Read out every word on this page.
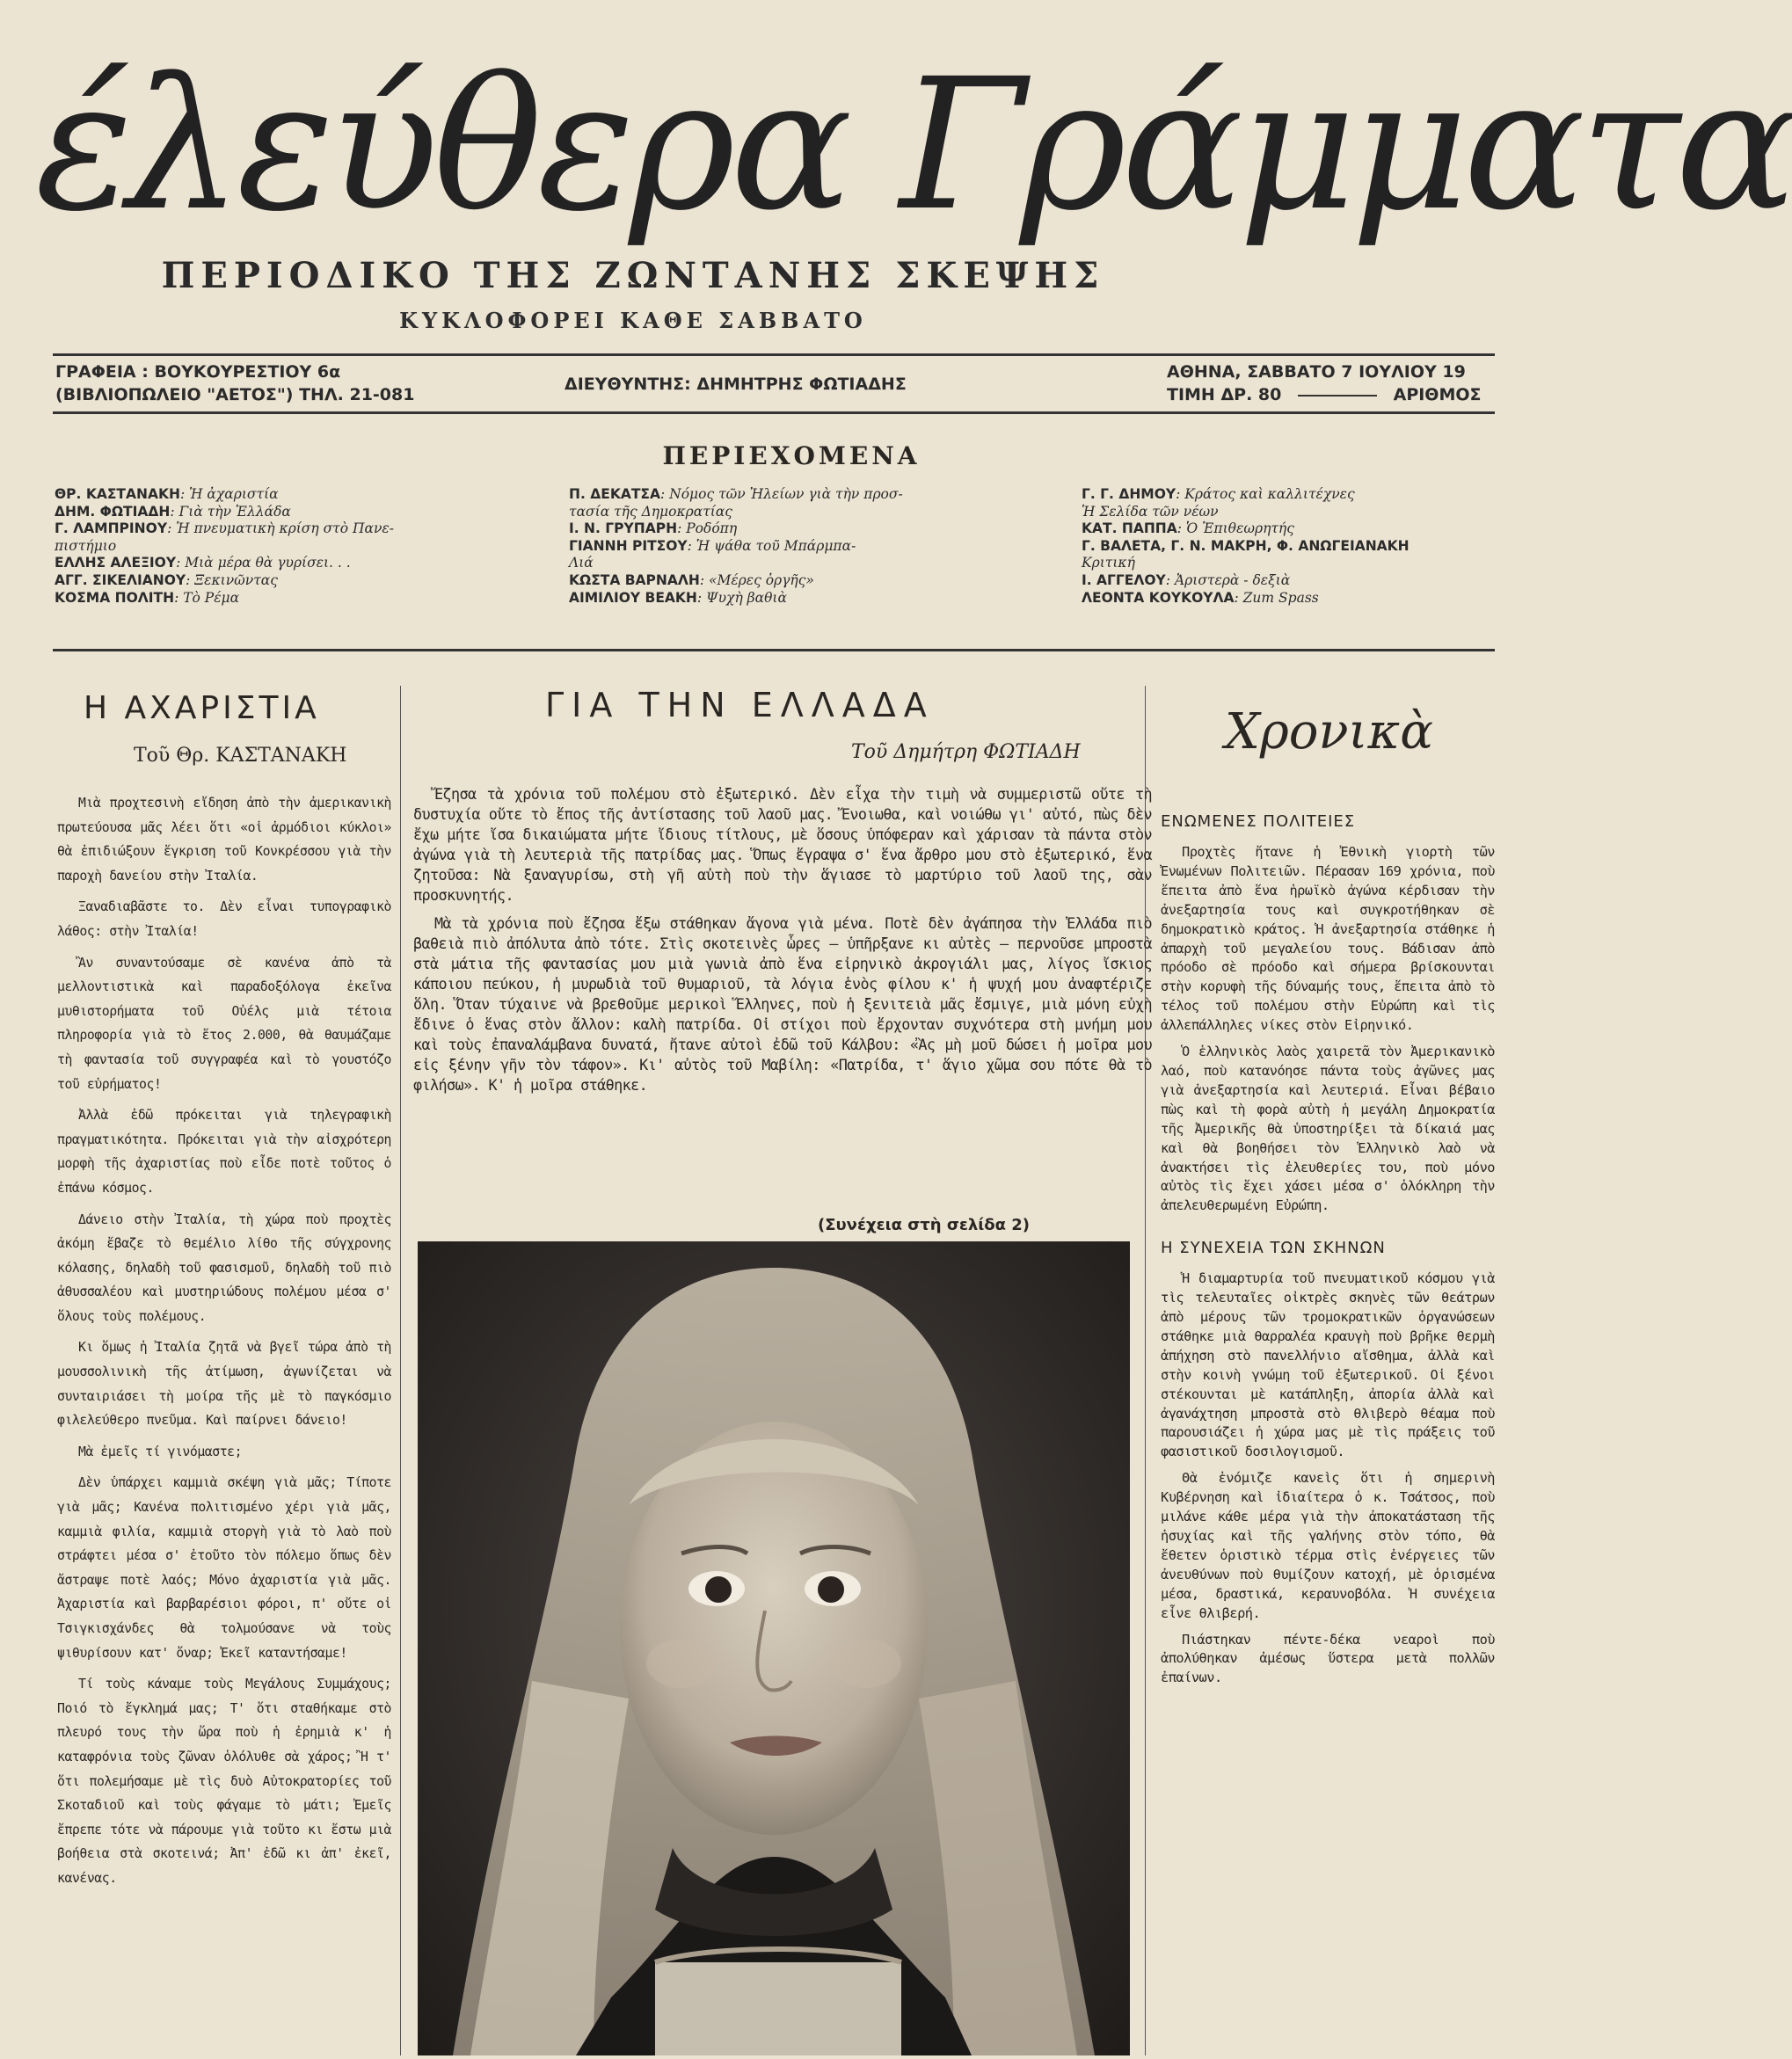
έλεύθερα Γράμματα
ΠΕΡΙΟΔΙΚΟ ΤΗΣ ΖΩΝΤΑΝΗΣ ΣΚΕΨΗΣ
ΚΥΚΛΟΦΟΡΕΙ ΚΑΘΕ ΣΑΒΒΑΤΟ
ΓΡΑΦΕΙΑ : ΒΟΥΚΟΥΡΕΣΤΙΟΥ 6α
(ΒΙΒΛΙΟΠΩΛΕΙΟ "ΑΕΤΟΣ") ΤΗΛ. 21-081
ΔΙΕΥΘΥΝΤΗΣ: ΔΗΜΗΤΡΗΣ ΦΩΤΙΑΔΗΣ
ΑΘΗΝΑ, ΣΑΒΒΑΤΟ 7 ΙΟΥΛΙΟΥ 19
ΤΙΜΗ ΔΡ. 80	ΑΡΙΘΜΟΣ
ΠΕΡΙΕΧΟΜΕΝΑ
ΘΡ. ΚΑΣΤΑΝΑΚΗ: Ἡ ἀχαριστία
ΔΗΜ. ΦΩΤΙΑΔΗ: Γιὰ τὴν Ἑλλάδα
Γ. ΛΑΜΠΡΙΝΟΥ: Ἡ πνευματικὴ κρίση στὸ Πανε-
πιστήμιο
ΕΛΛΗΣ ΑΛΕΞΙΟΥ: Μιὰ μέρα θὰ γυρίσει. . .
ΑΓΓ. ΣΙΚΕΛΙΑΝΟΥ: Ξεκινῶντας
ΚΟΣΜΑ ΠΟΛΙΤΗ: Τὸ Ρέμα
Π. ΔΕΚΑΤΣΑ: Νόμος τῶν Ἠλείων γιὰ τὴν προσ-
τασία τῆς Δημοκρατίας
Ι. Ν. ΓΡΥΠΑΡΗ: Ροδόπη
ΓΙΑΝΝΗ ΡΙΤΣΟΥ: Ἡ ψάθα τοῦ Μπάρμπα-
Λιά
ΚΩΣΤΑ ΒΑΡΝΑΛΗ: «Μέρες ὀργῆς»
ΑΙΜΙΛΙΟΥ ΒΕΑΚΗ: Ψυχὴ βαθιὰ
Γ. Γ. ΔΗΜΟΥ: Κράτος καὶ καλλιτέχνες
Ἡ Σελίδα τῶν νέων
ΚΑΤ. ΠΑΠΠΑ: Ὁ Ἐπιθεωρητής
Γ. ΒΑΛΕΤΑ, Γ. Ν. ΜΑΚΡΗ, Φ. ΑΝΩΓΕΙΑΝΑΚΗ
Κριτική
Ι. ΑΓΓΕΛΟΥ: Ἀριστερὰ - δεξιὰ
ΛΕΟΝΤΑ ΚΟΥΚΟΥΛΑ: Zum Spass
Η ΑΧΑΡΙΣΤΙΑ
Τοῦ Θρ. ΚΑΣΤΑΝΑΚΗ

Μιὰ προχτεσινὴ εἴδηση ἀπὸ τὴν ἀμερικανικὴ πρωτεύουσα μᾶς λέει ὅτι «οἱ ἁρμόδιοι κύκλοι» θὰ ἐπιδιώξουν ἔγκριση τοῦ Κονκρέσσου γιὰ τὴν παροχὴ δανείου στὴν Ἰταλία.

Ξαναδιαβᾶστε το. Δὲν εἶναι τυπογραφικὸ λάθος: στὴν Ἰταλία!

Ἂν συναντούσαμε σὲ κανένα ἀπὸ τὰ μελλοντιστικὰ καὶ παραδοξόλογα ἐκεῖνα μυθιστορήματα τοῦ Οὐέλς μιὰ τέτοια πληροφορία γιὰ τὸ ἔτος 2.000, θὰ θαυμάζαμε τὴ φαντασία τοῦ συγγραφέα καὶ τὸ γουστόζο τοῦ εὑρήματος!

Ἀλλὰ ἐδῶ πρόκειται γιὰ τηλεγραφικὴ πραγματικότητα. Πρόκειται γιὰ τὴν αἰσχρότερη μορφὴ τῆς ἀχαριστίας ποὺ εἶδε ποτὲ τοῦτος ὁ ἐπάνω κόσμος.

Δάνειο στὴν Ἰταλία, τὴ χώρα ποὺ προχτὲς ἀκόμη ἔβαζε τὸ θεμέλιο λίθο τῆς σύγχρονης κόλασης, δηλαδὴ τοῦ φασισμοῦ, δηλαδὴ τοῦ πιὸ ἀθυσσαλέου καὶ μυστηριώδους πολέμου μέσα σ' ὅλους τοὺς πολέμους.

Κι ὅμως ἡ Ἰταλία ζητᾶ νὰ βγεῖ τώρα ἀπὸ τὴ μουσσολινικὴ τῆς ἀτίμωση, ἀγωνίζεται νὰ συνταιριάσει τὴ μοίρα τῆς μὲ τὸ παγκόσμιο φιλελεύθερο πνεῦμα. Καὶ παίρνει δάνειο!

Μὰ ἐμεῖς τί γινόμαστε;

Δὲν ὑπάρχει καμμιὰ σκέψη γιὰ μᾶς; Τίποτε γιὰ μᾶς; Κανένα πολιτισμένο χέρι γιὰ μᾶς, καμμιὰ φιλία, καμμιὰ στοργὴ γιὰ τὸ λαὸ ποὺ στράφτει μέσα σ' ἐτοῦτο τὸν πόλεμο ὅπως δὲν ἄστραψε ποτὲ λαός; Μόνο ἀχαριστία γιὰ μᾶς. Ἀχαριστία καὶ βαρβαρέσιοι φόροι, π' οὔτε οἱ Τσιγκισχάνδες θὰ τολμούσανε νὰ τοὺς ψιθυρίσουν κατ' ὄναρ; Ἐκεῖ καταντήσαμε!

Τί τοὺς κάναμε τοὺς Μεγάλους Συμμάχους; Ποιό τὸ ἔγκλημά μας; Τ' ὅτι σταθήκαμε στὸ πλευρό τους τὴν ὥρα ποὺ ἡ ἐρημιὰ κ' ἡ καταφρόνια τοὺς ζῶναν ὁλόλυθε σὰ χάρος; Ἢ τ' ὅτι πολεμήσαμε μὲ τὶς δυὸ Αὐτοκρατορίες τοῦ Σκοταδιοῦ καὶ τοὺς φάγαμε τὸ μάτι; Ἐμεῖς ἔπρεπε τότε νὰ πάρουμε γιὰ τοῦτο κι ἔστω μιὰ βοήθεια στὰ σκοτεινά; Ἀπ' ἐδῶ κι ἀπ' ἐκεῖ, κανένας.

ΓΙΑ ΤΗΝ ΕΛΛΑΔΑ
Τοῦ Δημήτρη ΦΩΤΙΑΔΗ

Ἔζησα τὰ χρόνια τοῦ πολέμου στὸ ἐξωτερικό. Δὲν εἶχα τὴν τιμὴ νὰ συμμεριστῶ οὔτε τὴ δυστυχία οὔτε τὸ ἔπος τῆς ἀντίστασης τοῦ λαοῦ μας. Ἔνοιωθα, καὶ νοιώθω γι' αὐτό, πὼς δὲν ἔχω μήτε ἴσα δικαιώματα μήτε ἴδιους τίτλους, μὲ ὅσους ὑπόφεραν καὶ χάρισαν τὰ πάντα στὸν ἀγώνα γιὰ τὴ λευτεριὰ τῆς πατρίδας μας. Ὅπως ἔγραψα σ' ἕνα ἄρθρο μου στὸ ἐξωτερικό, ἕνα ζητοῦσα: Νὰ ξαναγυρίσω, στὴ γῆ αὐτὴ ποὺ τὴν ἅγιασε τὸ μαρτύριο τοῦ λαοῦ της, σὰν προσκυνητής.

Μὰ τὰ χρόνια ποὺ ἔζησα ἔξω στάθηκαν ἄγονα γιὰ μένα. Ποτὲ δὲν ἀγάπησα τὴν Ἑλλάδα πιὸ βαθειὰ πιὸ ἀπόλυτα ἀπὸ τότε. Στὶς σκοτεινὲς ὧρες — ὑπῆρξανε κι αὐτὲς — περνοῦσε μπροστὰ στὰ μάτια τῆς φαντασίας μου μιὰ γωνιὰ ἀπὸ ἕνα εἰρηνικὸ ἀκρογιάλι μας, λίγος ἴσκιος κάποιου πεύκου, ἡ μυρωδιὰ τοῦ θυμαριοῦ, τὰ λόγια ἑνὸς φίλου κ' ἡ ψυχή μου ἀναφτέριζε ὅλη. Ὅταν τύχαινε νὰ βρεθοῦμε μερικοὶ Ἕλληνες, ποὺ ἡ ξενιτειὰ μᾶς ἔσμιγε, μιὰ μόνη εὐχὴ ἔδινε ὁ ἕνας στὸν ἄλλον: καλὴ πατρίδα. Οἱ στίχοι ποὺ ἔρχονταν συχνότερα στὴ μνήμη μου καὶ τοὺς ἐπαναλάμβανα δυνατά, ἤτανε αὐτοὶ ἐδῶ τοῦ Κάλβου: «Ἂς μὴ μοῦ δώσει ἡ μοῖρα μου εἰς ξένην γῆν τὸν τάφον». Κι' αὐτὸς τοῦ Μαβίλη: «Πατρίδα, τ' ἅγιο χῶμα σου πότε θὰ τὸ φιλήσω». Κ' ἡ μοῖρα στάθηκε.

(Συνέχεια στὴ σελίδα 2)
Χρονικὰ
ΕΝΩΜΕΝΕΣ ΠΟΛΙΤΕΙΕΣ

Προχτὲς ἤτανε ἡ Ἐθνικὴ γιορτὴ τῶν Ἐνωμένων Πολιτειῶν. Πέρασαν 169 χρόνια, ποὺ ἔπειτα ἀπὸ ἕνα ἡρωϊκὸ ἀγώνα κέρδισαν τὴν ἀνεξαρτησία τους καὶ συγκροτήθηκαν σὲ δημοκρατικὸ κράτος. Ἡ ἀνεξαρτησία στάθηκε ἡ ἀπαρχὴ τοῦ μεγαλείου τους. Βάδισαν ἀπὸ πρόοδο σὲ πρόοδο καὶ σήμερα βρίσκουνται στὴν κορυφὴ τῆς δύναμής τους, ἔπειτα ἀπὸ τὸ τέλος τοῦ πολέμου στὴν Εὐρώπη καὶ τὶς ἀλλεπάλληλες νίκες στὸν Εἰρηνικό.

Ὁ ἑλληνικὸς λαὸς χαιρετᾶ τὸν Ἀμερικανικὸ λαό, ποὺ κατανόησε πάντα τοὺς ἀγῶνες μας γιὰ ἀνεξαρτησία καὶ λευτεριά. Εἶναι βέβαιο πὼς καὶ τὴ φορὰ αὐτὴ ἡ μεγάλη Δημοκρατία τῆς Ἀμερικῆς θὰ ὑποστηρίξει τὰ δίκαιά μας καὶ θὰ βοηθήσει τὸν Ἑλληνικὸ λαὸ νὰ ἀνακτήσει τὶς ἐλευθερίες του, ποὺ μόνο αὐτὸς τὶς ἔχει χάσει μέσα σ' ὁλόκληρη τὴν ἀπελευθερωμένη Εὐρώπη.

Η ΣΥΝΕΧΕΙΑ ΤΩΝ ΣΚΗΝΩΝ

Ἡ διαμαρτυρία τοῦ πνευματικοῦ κόσμου γιὰ τὶς τελευταῖες οἰκτρὲς σκηνὲς τῶν θεάτρων ἀπὸ μέρους τῶν τρομοκρατικῶν ὀργανώσεων στάθηκε μιὰ θαρραλέα κραυγὴ ποὺ βρῆκε θερμὴ ἀπήχηση στὸ πανελλήνιο αἴσθημα, ἀλλὰ καὶ στὴν κοινὴ γνώμη τοῦ ἐξωτερικοῦ. Οἱ ξένοι στέκουνται μὲ κατάπληξη, ἀπορία ἀλλὰ καὶ ἀγανάχτηση μπροστὰ στὸ θλιβερὸ θέαμα ποὺ παρουσιάζει ἡ χώρα μας μὲ τὶς πράξεις τοῦ φασιστικοῦ δοσιλογισμοῦ.

Θὰ ἐνόμιζε κανεὶς ὅτι ἡ σημερινὴ Κυβέρνηση καὶ ἰδιαίτερα ὁ κ. Τσάτσος, ποὺ μιλάνε κάθε μέρα γιὰ τὴν ἀποκατάσταση τῆς ἡσυχίας καὶ τῆς γαλήνης στὸν τόπο, θὰ ἔθετεν ὁριστικὸ τέρμα στὶς ἐνέργειες τῶν ἀνευθύνων ποὺ θυμίζουν κατοχή, μὲ ὁρισμένα μέσα, δραστικά, κεραυνοβόλα. Ἡ συνέχεια εἶνε θλιβερή.

Πιάστηκαν πέντε-δέκα νεαροὶ ποὺ ἀπολύθηκαν ἀμέσως ὕστερα μετὰ πολλῶν ἐπαίνων.
